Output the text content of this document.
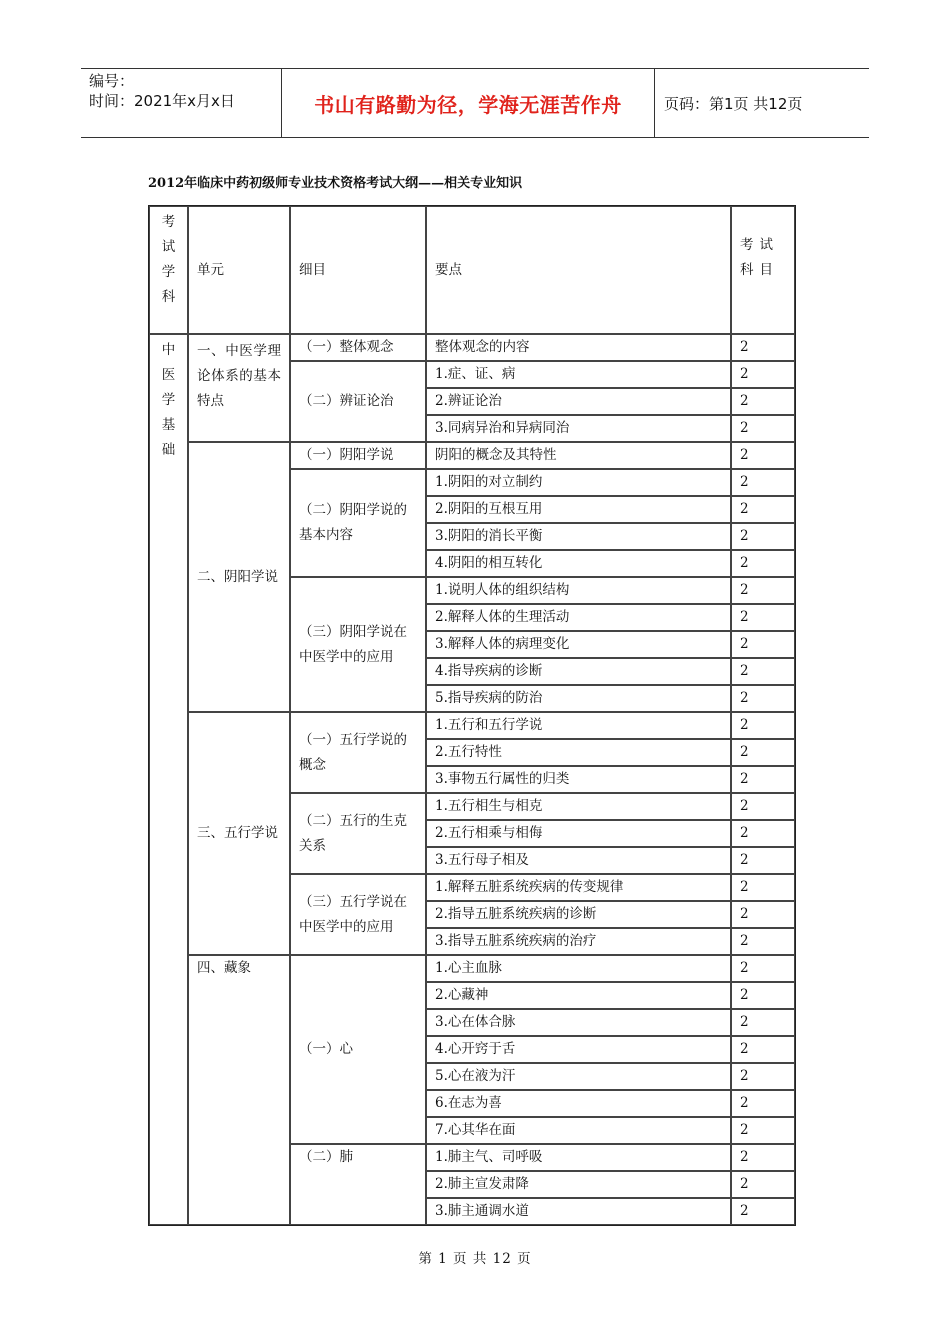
编号：
时间：2021年x月x日	书山有路勤为径，学海无涯苦作舟	页码：第1页 共12页
2012年临床中药初级师专业技术资格考试大纲——相关专业知识
考试学科	单元	细目	要点	考试科目

中医学基础	一、中医学理论体系的基本特点	（一）整体观念	整体观念的内容	2
		（二）辨证论治	1.症、证、病	2
			2.辨证论治	2
			3.同病异治和异病同治	2
	二、阴阳学说	（一）阴阳学说	阴阳的概念及其特性	2
		（二）阴阳学说的基本内容	1.阴阳的对立制约	2
			2.阴阳的互根互用	2
			3.阴阳的消长平衡	2
			4.阴阳的相互转化	2
		（三）阴阳学说在中医学中的应用	1.说明人体的组织结构	2
			2.解释人体的生理活动	2
			3.解释人体的病理变化	2
			4.指导疾病的诊断	2
			5.指导疾病的防治	2
	三、五行学说	（一）五行学说的概念	1.五行和五行学说	2
			2.五行特性	2
			3.事物五行属性的归类	2
		（二）五行的生克关系	1.五行相生与相克	2
			2.五行相乘与相侮	2
			3.五行母子相及	2
		（三）五行学说在中医学中的应用	1.解释五脏系统疾病的传变规律	2
			2.指导五脏系统疾病的诊断	2
			3.指导五脏系统疾病的治疗	2
	四、藏象	（一）心	1.心主血脉	2
			2.心藏神	2
			3.心在体合脉	2
			4.心开窍于舌	2
			5.心在液为汗	2
			6.在志为喜	2
			7.心其华在面	2
		（二）肺	1.肺主气、司呼吸	2
			2.肺主宣发肃降	2
			3.肺主通调水道	2
第 1 页 共 12 页
